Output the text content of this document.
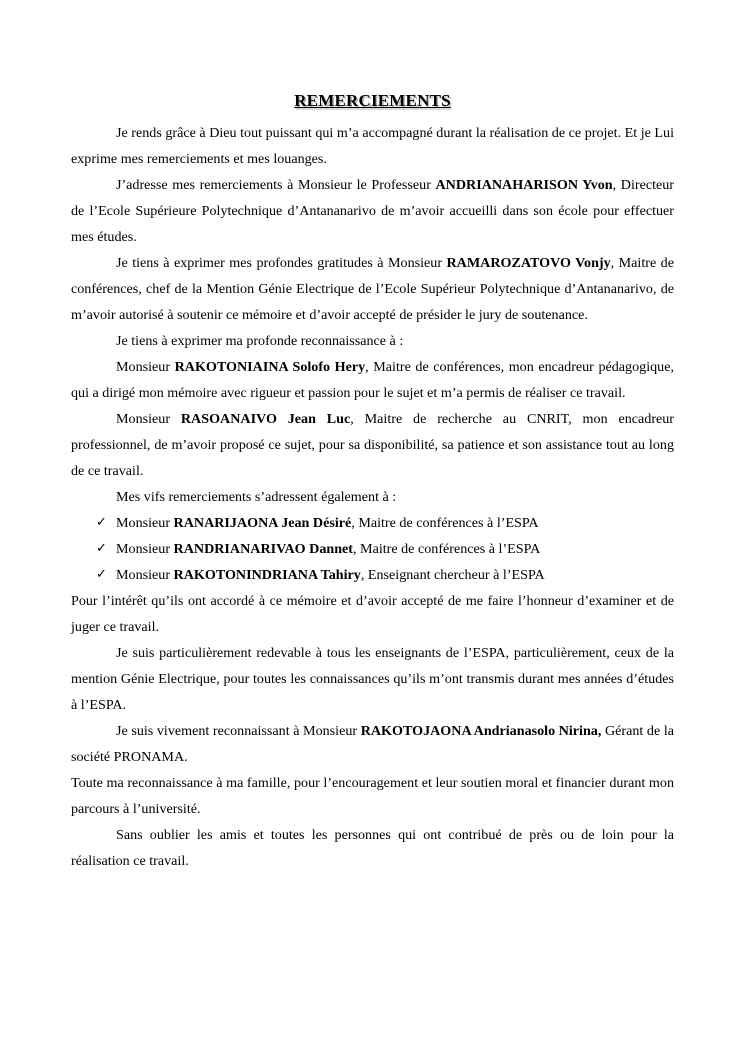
REMERCIEMENTS

Je rends grâce à Dieu tout puissant qui m’a accompagné durant la réalisation de ce projet. Et je Lui exprime mes remerciements et mes louanges.

J’adresse mes remerciements à Monsieur le Professeur ANDRIANAHARISON Yvon, Directeur de l’Ecole Supérieure Polytechnique d’Antananarivo de m’avoir accueilli dans son école pour effectuer mes études.

Je tiens à exprimer mes profondes gratitudes à Monsieur RAMAROZATOVO Vonjy, Maitre de conférences, chef de la Mention Génie Electrique de l’Ecole Supérieur Polytechnique d’Antananarivo, de m’avoir autorisé à soutenir ce mémoire et d’avoir accepté de présider le jury de soutenance.

Je tiens à exprimer ma profonde reconnaissance à :

Monsieur RAKOTONIAINA Solofo Hery, Maitre de conférences, mon encadreur pédagogique, qui a dirigé mon mémoire avec rigueur et passion pour le sujet et m’a permis de réaliser ce travail.

Monsieur RASOANAIVO Jean Luc, Maitre de recherche au CNRIT, mon encadreur professionnel, de m’avoir proposé ce sujet, pour sa disponibilité, sa patience et son assistance tout au long de ce travail.

Mes vifs remerciements s’adressent également à :

✓ Monsieur RANARIJAONA Jean Désiré, Maitre de conférences à l’ESPA
✓ Monsieur RANDRIANARIVAO Dannet, Maitre de conférences à l’ESPA
✓ Monsieur RAKOTONINDRIANA Tahiry, Enseignant chercheur à l’ESPA

Pour l’intérêt qu’ils ont accordé à ce mémoire et d’avoir accepté de me faire l’honneur d’examiner et de juger ce travail.

Je suis particulièrement redevable à tous les enseignants de l’ESPA, particulièrement, ceux de la mention Génie Electrique, pour toutes les connaissances qu’ils m’ont transmis durant mes années d’études à l’ESPA.

Je suis vivement reconnaissant à Monsieur RAKOTOJAONA Andrianasolo Nirina, Gérant de la société PRONAMA.

Toute ma reconnaissance à ma famille, pour l’encouragement et leur soutien moral et financier durant mon parcours à l’université.

Sans oublier les amis et toutes les personnes qui ont contribué de près ou de loin pour la réalisation ce travail.
